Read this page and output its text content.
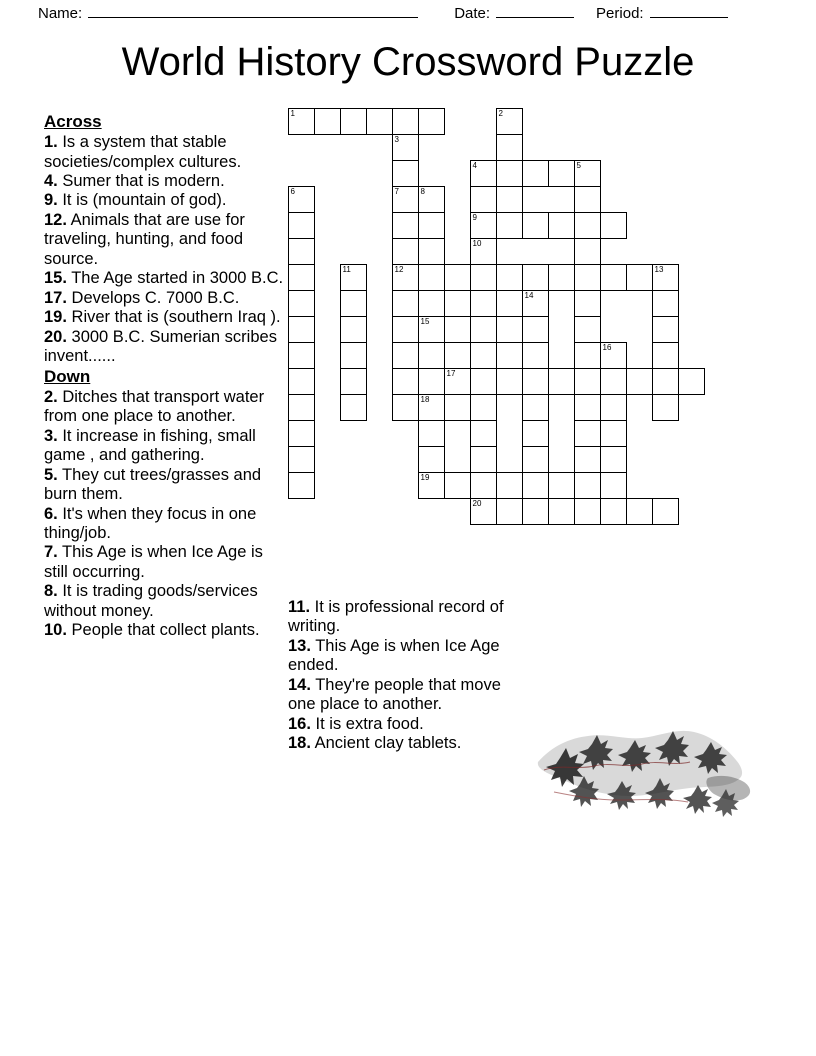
Name:	Date:	Period:
World History Crossword Puzzle
Across

1. Is a system that stable societies/complex cultures.

4. Sumer that is modern.

9. It is (mountain of god).

12. Animals that are use for traveling, hunting, and food source.

15. The Age started in 3000 B.C.

17. Develops C. 7000 B.C.

19. River that is (southern Iraq ).

20. 3000 B.C. Sumerian scribes invent......

Down

2. Ditches that transport water from one place to another.

3. It increase in fishing, small game , and gathering.

5. They cut trees/grasses and burn them.

6. It's when they focus in one thing/job.

7. This Age is when Ice Age is still occurring.

8. It is trading goods/services without money.

10. People that collect plants.

11. It is professional record of writing.

13. This Age is when Ice Age ended.

14. They're people that move one place to another.

16. It is extra food.

18. Ancient clay tablets.

1	2
3
4	5
6	7	8
9
10
11	12	13
14
15
16
17
18
19
20
